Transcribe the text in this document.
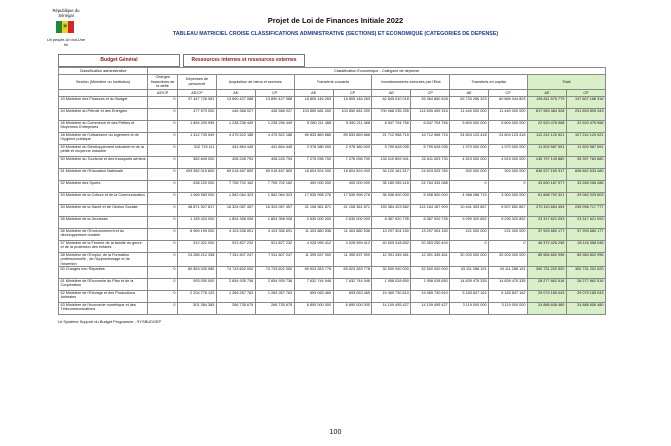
République du Sénégal
★
Un peuple-Un but-Une foi
Projet de Loi de Finances Initiale 2022
TABLEAU MATRICIEL CROISE CLASSIFICATIONS ADMINISTRATIVE (SECTIONS) ET ECONOMIQUE (CATEGORIES DE DEPENSE)
Budget Général	Ressources internes et ressources externes
Classification administrative	Classification Economique - Catégorie de dépense											
Section (Ministère ou Institution)	Charges financières de la dette	Dépenses de personnel	Acquisition de biens et services		Transferts courants		Investissements exécutés par l'Etat		Transferts en capital		Total	
	AE/CP	AE/CP	AE	CP	AE	CP	AE	CP	AE	CP	AE	CP
43 Ministère des Finances et du Budget	0	37 447 726 081	13 890 427 088	13 890 427 088	18 805 146 263	18 805 146 263	62 845 010 018	26 364 860 628	63 733 286 323	60 889 044 803	196 811 575 779	147 607 188 316
44 Ministère du Pétrole et des Energies	0	477 579 000	446 368 027	446 368 027	104 850 681 000	104 850 681 000	700 068 235 255	114 639 459 316	11 440 000 000	11 440 000 000	817 983 384 328	231 853 895 343
46 Ministère du Commerce et des Petites et Moyennes Entreprises	0	1 854 209 995	1 238 236 449	1 238 236 449	5 080 211 468	5 080 211 468	8 547 794 756	6 547 794 756	5 800 000 000	5 800 000 000	22 520 476 968	22 520 476 968
48 Ministère de l'Urbanisme du logement et de l'hygiène publique	0	1 412 739 549	4 475 522 188	4 475 522 188	89 833 869 866	89 833 869 866	21 712 968 715	16 712 968 715	24 804 123 418	24 804 123 418	112 242 120 521	107 242 120 521
49 Ministère du Développement industriel et de la petite et moyenne industrie	0	312 715 111	441 864 445	441 864 445	2 978 380 000	2 978 380 000	5 799 628 035	5 799 628 035	1 970 000 000	1 970 000 000	11 502 587 591	11 502 587 591
50 Ministère du Tourisme et des transports aériens	0	582 849 000	408 245 794	408 245 794	7 276 096 700	7 276 096 700	133 010 809 941	22 611 593 730	4 519 000 000	4 519 000 000	145 797 149 882	35 397 783 680
51 Ministère de l'Education Nationale	0	493 982 015 800	69 018 467 800	69 018 467 800	18 604 524 000	18 604 524 000	34 120 161 517	24 603 525 780	302 000 000	302 000 000	636 927 169 317	606 662 533 480
52 Ministère des Sports	0	638 220 000	7 708 702 162	7 708 702 162	400 000 000	400 000 000	35 189 265 415	24 764 334 088	0	0	43 690 187 577	33 265 256 288
53 Ministère de la Culture et de la Communication	0	1 065 983 000	1 562 064 323	1 562 064 323	17 535 998 276	17 535 998 276	36 536 500 000	5 598 500 000	4 968 288 719	3 300 000 000	61 668 792 321	29 062 025 603
54 Ministère de la Santé et de l'Action Sociale	0	48 871 927 817	16 324 087 457	16 324 087 457	41 108 361 871	41 108 361 871	153 384 423 582	124 184 187 909	10 441 303 867	5 507 652 867	270 110 654 494	235 996 717 777
55 Ministère de la Jeunesse	0	1 155 423 000	1 804 398 006	1 804 398 006	2 630 000 000	2 630 000 000	8 387 520 735	8 387 520 735	9 290 320 852	9 290 320 852	23 317 621 093	23 317 621 093
56 Ministère de l'Environnement et du développement durable	0	8 969 199 000	4 103 336 691	4 103 336 691	11 403 880 536	11 403 880 536	13 297 304 150	13 297 304 150	221 000 000	221 000 000	37 993 680 177	37 993 680 177
57 Ministère de la Femme de la famille du genre et de la protection des enfants	0	912 321 000	921 827 232	921 827 232	4 028 959 412	4 028 959 412	40 609 318 652	20 353 250 404	0	0	46 372 426 296	26 116 358 048
58 Ministère de l'Emploi, de la Formation professionnelle , de l'Apprentissage et de l'Insertion	0	24 286 212 338	7 511 607 247	7 511 607 247	11 395 637 900	11 395 637 900	12 391 345 461	12 391 345 461	30 200 000 000	30 200 000 000	85 984 802 996	85 984 802 996
60 Charges non Réparties	0	80 853 026 585	74 743 602 000	74 743 602 000	69 523 283 778	69 523 283 778	32 500 000 000	32 500 000 000	43 111 288 191	43 111 288 191	300 731 202 520	300 731 202 520
61 Ministère de l'Economie du Plan et de la Coopération	0	993 050 000	2 654 935 736	2 654 935 736	7 632 744 946	7 632 744 946	1 958 028 650	1 958 028 650	14 839 475 335	14 839 475 335	28 277 862 516	28 277 862 516
62 Ministère de l'Elevage et des Productions Animales	0	2 204 776 120	1 269 267 763	1 269 267 763	693 063 465	693 063 465	19 465 730 610	19 465 730 610	5 183 847 162	5 183 847 162	29 079 185 043	29 079 185 043
63 Ministère de l'économie numérique et des Télécommunications	0	501 384 385	266 735 675	266 735 675	6 890 000 000	6 890 000 000	14 109 495 427	14 109 495 427	3 119 000 000	3 119 000 000	24 886 606 480	24 886 606 480
Le Système Support du Budget Programme - SYSBUDGEP
100
